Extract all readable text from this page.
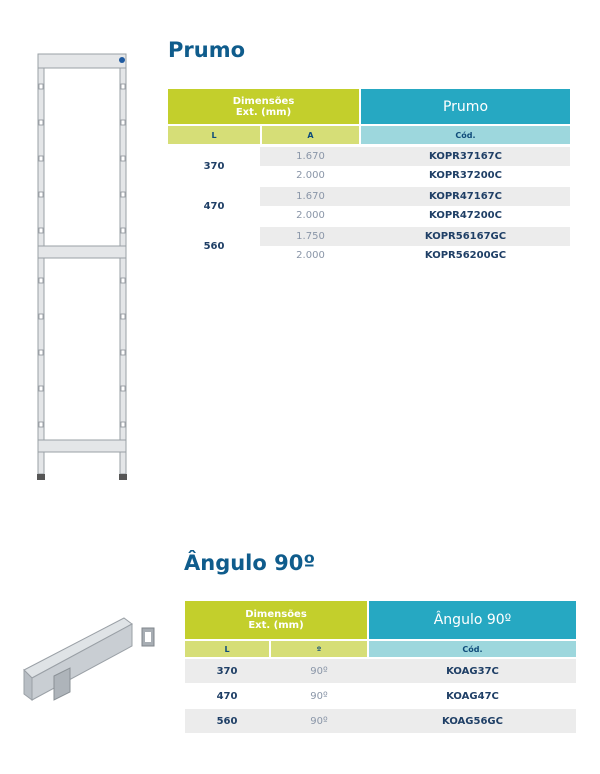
Prumo
Dimensões
Ext. (mm)	Prumo
L	A	Cód.
370
1.670	KOPR37167C
2.000	KOPR37200C
470
1.670	KOPR47167C
2.000	KOPR47200C
560
1.750	KOPR56167GC
2.000	KOPR56200GC
Ângulo 90º
Dimensões
Ext. (mm)	Ângulo 90º
L	º	Cód.
370	90º	KOAG37C
470	90º	KOAG47C
560	90º	KOAG56GC
